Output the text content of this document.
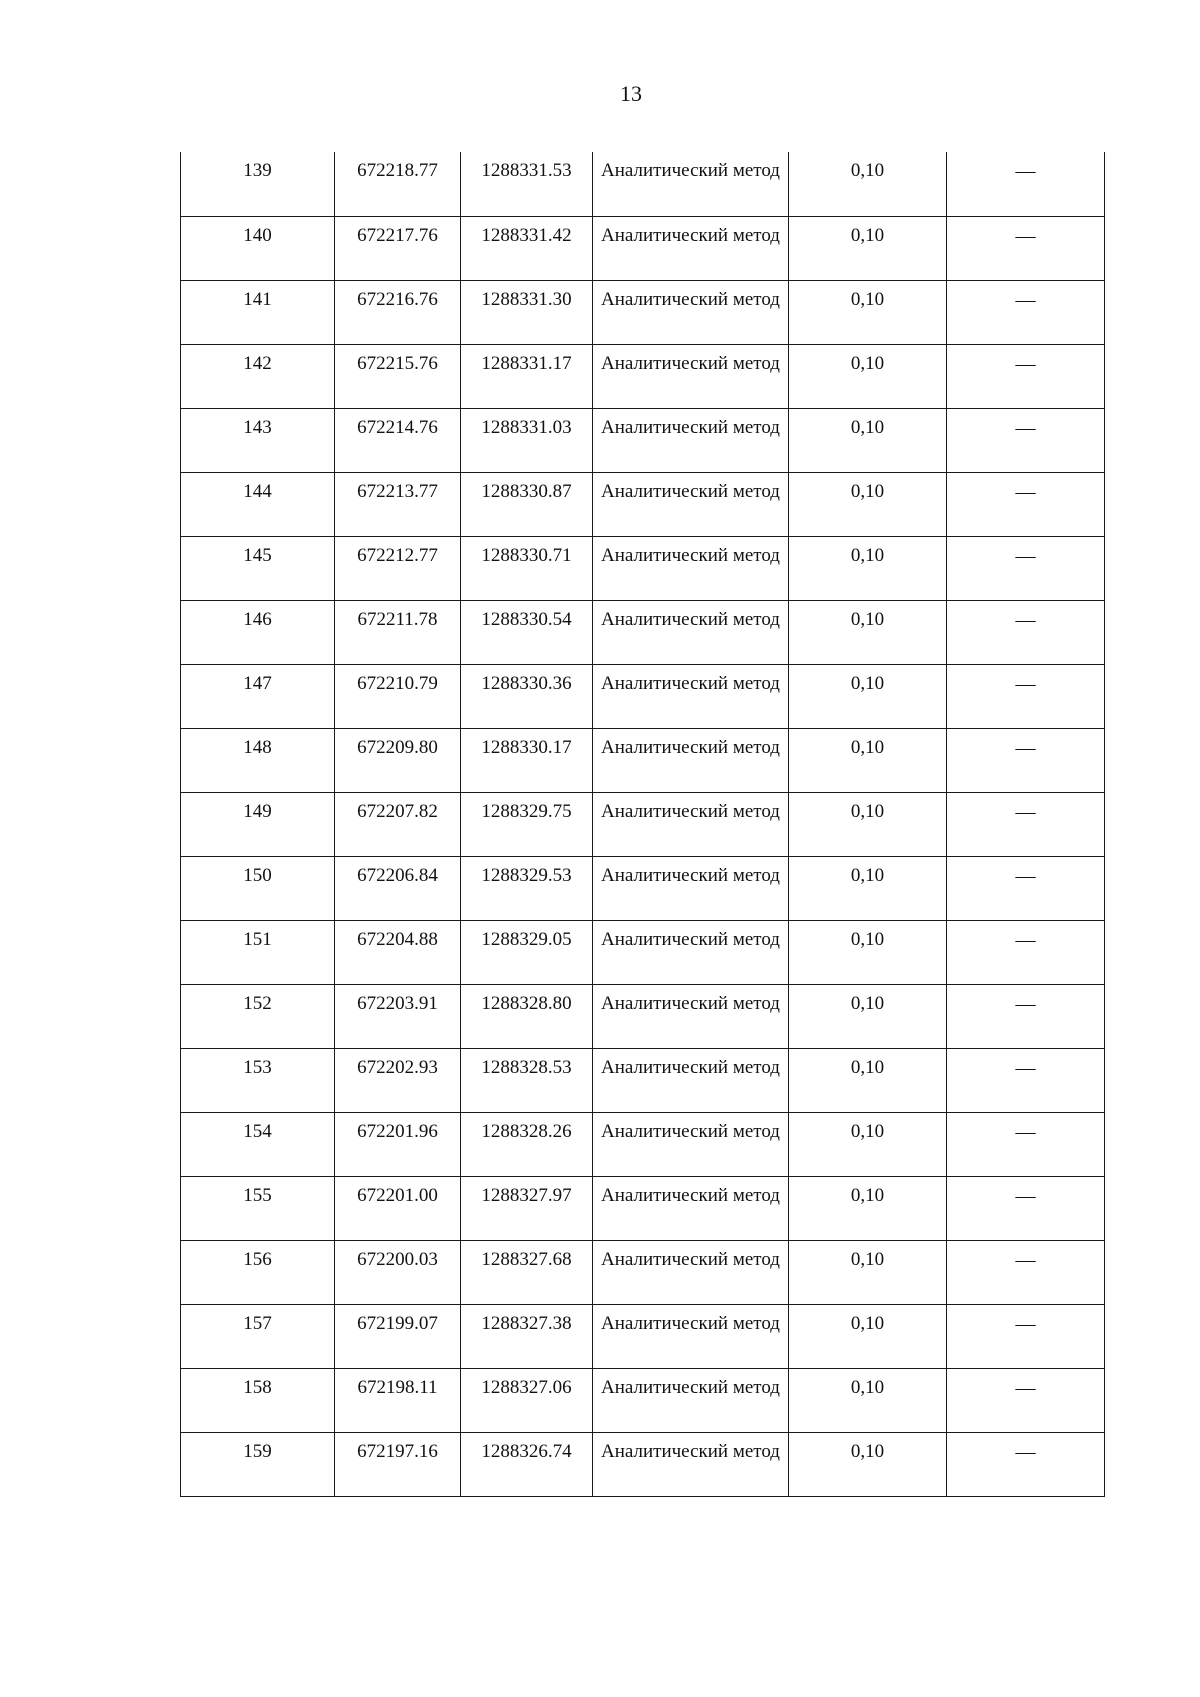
13
139	672218.77	1288331.53	Аналитический метод	0,10	—
140	672217.76	1288331.42	Аналитический метод	0,10	—
141	672216.76	1288331.30	Аналитический метод	0,10	—
142	672215.76	1288331.17	Аналитический метод	0,10	—
143	672214.76	1288331.03	Аналитический метод	0,10	—
144	672213.77	1288330.87	Аналитический метод	0,10	—
145	672212.77	1288330.71	Аналитический метод	0,10	—
146	672211.78	1288330.54	Аналитический метод	0,10	—
147	672210.79	1288330.36	Аналитический метод	0,10	—
148	672209.80	1288330.17	Аналитический метод	0,10	—
149	672207.82	1288329.75	Аналитический метод	0,10	—
150	672206.84	1288329.53	Аналитический метод	0,10	—
151	672204.88	1288329.05	Аналитический метод	0,10	—
152	672203.91	1288328.80	Аналитический метод	0,10	—
153	672202.93	1288328.53	Аналитический метод	0,10	—
154	672201.96	1288328.26	Аналитический метод	0,10	—
155	672201.00	1288327.97	Аналитический метод	0,10	—
156	672200.03	1288327.68	Аналитический метод	0,10	—
157	672199.07	1288327.38	Аналитический метод	0,10	—
158	672198.11	1288327.06	Аналитический метод	0,10	—
159	672197.16	1288326.74	Аналитический метод	0,10	—
